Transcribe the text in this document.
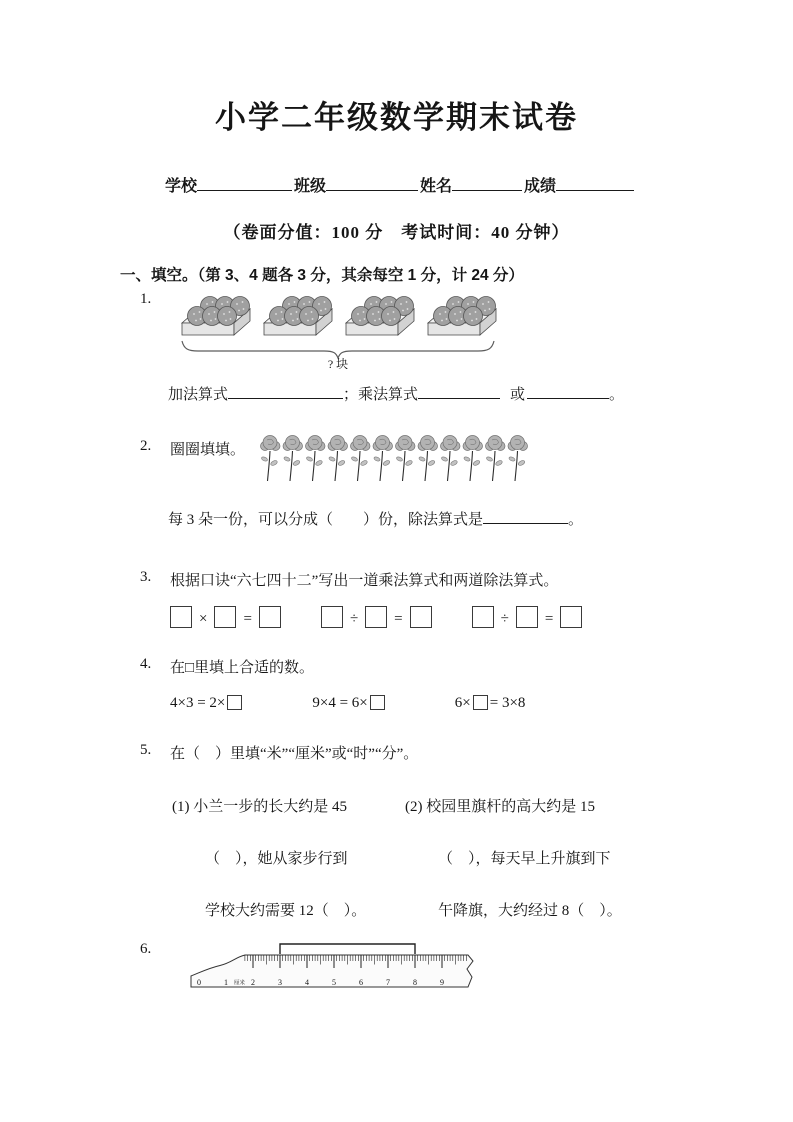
小学二年级数学期末试卷
学校	班级	姓名	成绩
（卷面分值：100 分　考试时间：40 分钟）
一、填空。（第 3、4 题各 3 分，其余每空 1 分，计 24 分）
1.
? 块
加法算式	；乘法算式	或	。
2.	圈圈填填。
每 3 朵一份，可以分成（　　）份，除法算式是	。
3.	根据口诀“六七四十二”写出一道乘法算式和两道除法算式。
× =	÷ =	÷ =
4.	在□里填上合适的数。
4×3 = 2×	9×4 = 6×	6× = 3×8
5.	在（　）里填“米”“厘米”或“时”“分”。
(1) 小兰一步的长大约是 45
（　），她从家步行到
学校大约需要 12（　）。
(2) 校园里旗杆的高大约是 15
（　），每天早上升旗到下
午降旗，大约经过 8（　）。
6.
0	1	2	3	4	5	6	7	8	9
厘米
